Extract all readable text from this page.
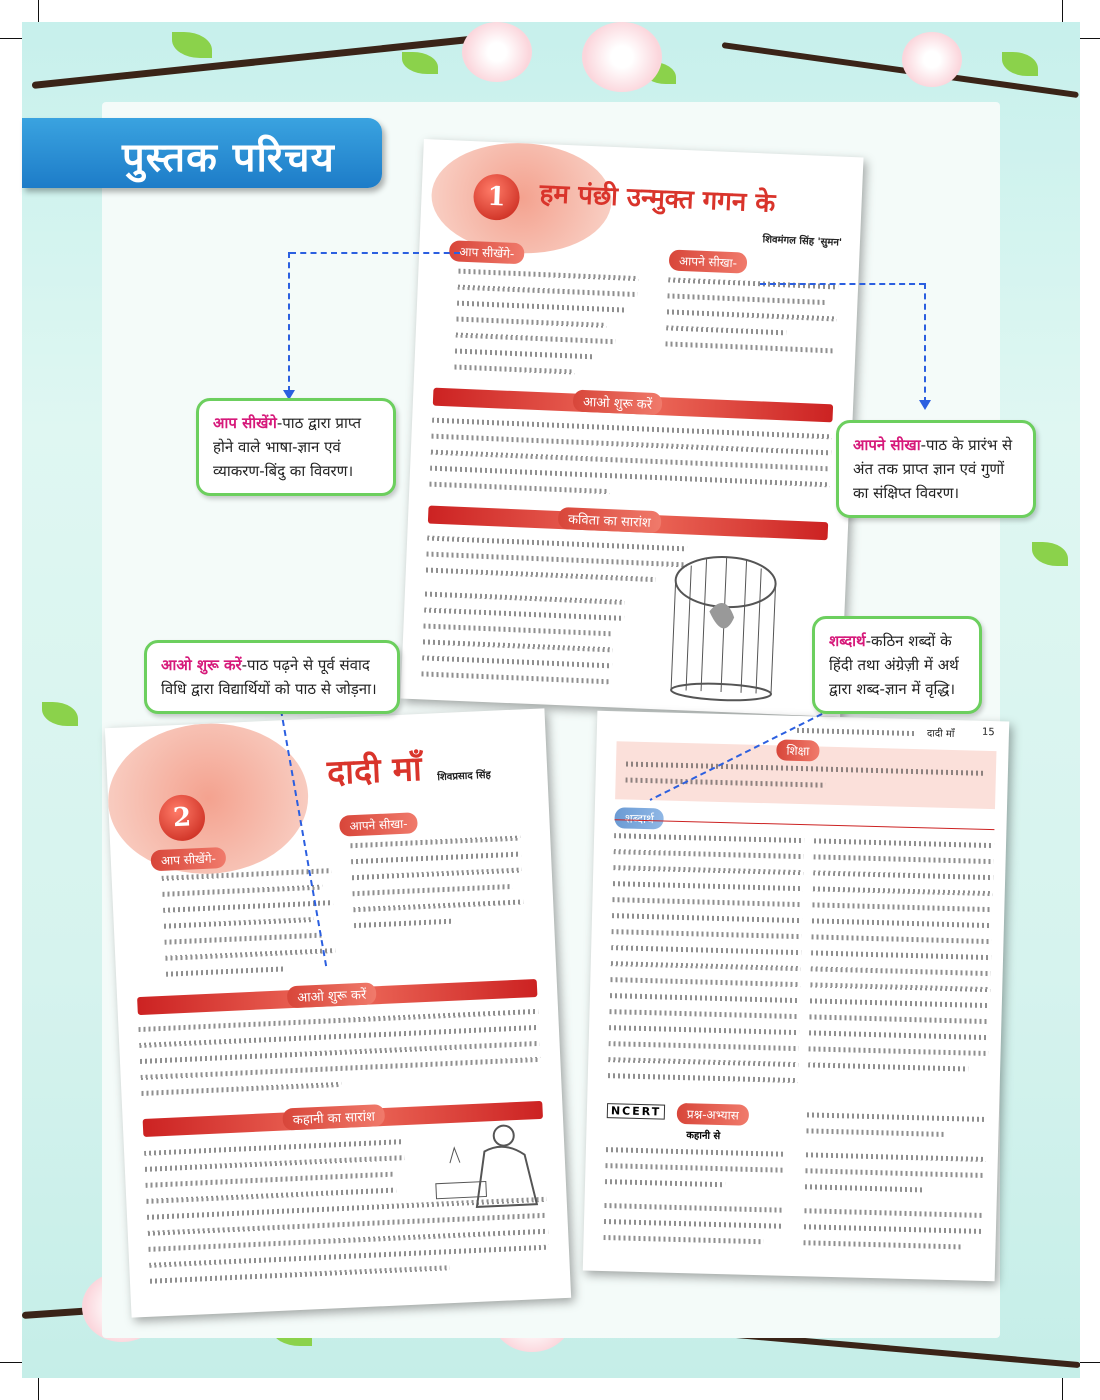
पुस्तक परिचय
1	हम पंछी उन्मुक्त गगन के
शिवमंगल सिंह 'सुमन'
आप सीखेंगे-
आपने सीखा-
आओ शुरू करें
कविता का सारांश
2
दादी माँ शिवप्रसाद सिंह
आपने सीखा-
आप सीखेंगे-
आओ शुरू करें
कहानी का सारांश
दादी माँ	15
शिक्षा
शब्दार्थ
NCERT	प्रश्न-अभ्यास
कहानी से
आप सीखेंगे-पाठ द्वारा प्राप्त होने वाले भाषा-ज्ञान एवं व्याकरण-बिंदु का विवरण।
आपने सीखा-पाठ के प्रारंभ से अंत तक प्राप्त ज्ञान एवं गुणों का संक्षिप्त विवरण।
आओ शुरू करें-पाठ पढ़ने से पूर्व संवाद विधि द्वारा विद्यार्थियों को पाठ से जोड़ना।
शब्दार्थ-कठिन शब्दों के हिंदी तथा अंग्रेज़ी में अर्थ द्वारा शब्द-ज्ञान में वृद्धि।
